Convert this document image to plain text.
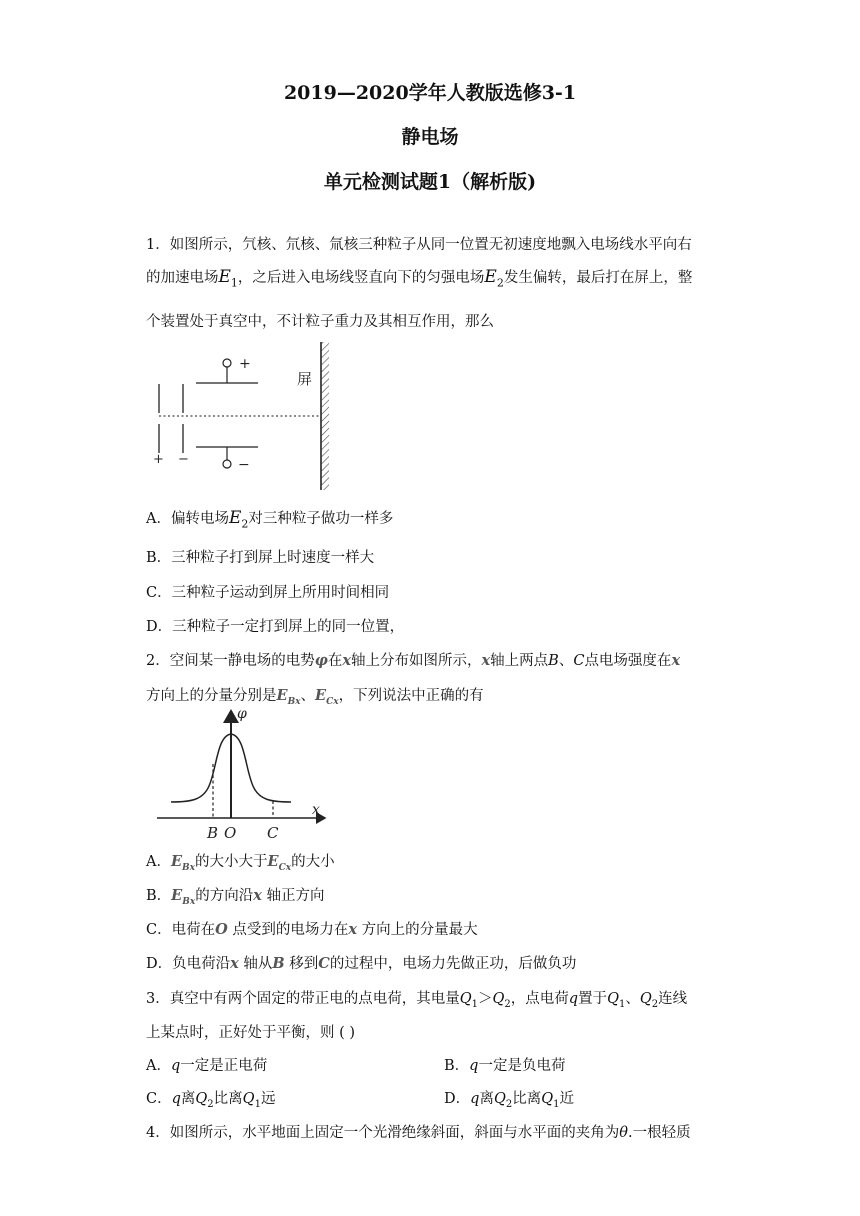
2019—2020学年人教版选修3-1
静电场
单元检测试题1（解析版)
1．如图所示，氕核、氘核、氚核三种粒子从同一位置无初速度地飘入电场线水平向右
的加速电场$E_1$，之后进入电场线竖直向下的匀强电场$E_2$发生偏转，最后打在屏上，整
个装置处于真空中，不计粒子重力及其相互作用，那么
屏
+
−
+ −
A．偏转电场$E_2$对三种粒子做功一样多
B．三种粒子打到屏上时速度一样大
C．三种粒子运动到屏上所用时间相同
D．三种粒子一定打到屏上的同一位置，
2．空间某一静电场的电势φ在x轴上分布如图所示，x轴上两点B、C点电场强度在x
方向上的分量分别是$E_{Bx}$、$E_{Cx}$，下列说法中正确的有
φ
x
B O C
A．$E_{Bx}$的大小大于$E_{Cx}$的大小
B．$E_{Bx}$的方向沿x 轴正方向
C．电荷在O 点受到的电场力在x 方向上的分量最大
D．负电荷沿x 轴从B 移到C的过程中，电场力先做正功，后做负功
3．真空中有两个固定的带正电的点电荷，其电量$Q_1>Q_2$，点电荷q置于$Q_1$、$Q_2$连线
上某点时，正好处于平衡，则 ( )
A．q一定是正电荷	B．q一定是负电荷
C．q离$Q_2$比离$Q_1$远	D．q离$Q_2$比离$Q_1$近
4．如图所示，水平地面上固定一个光滑绝缘斜面，斜面与水平面的夹角为θ.一根轻质
